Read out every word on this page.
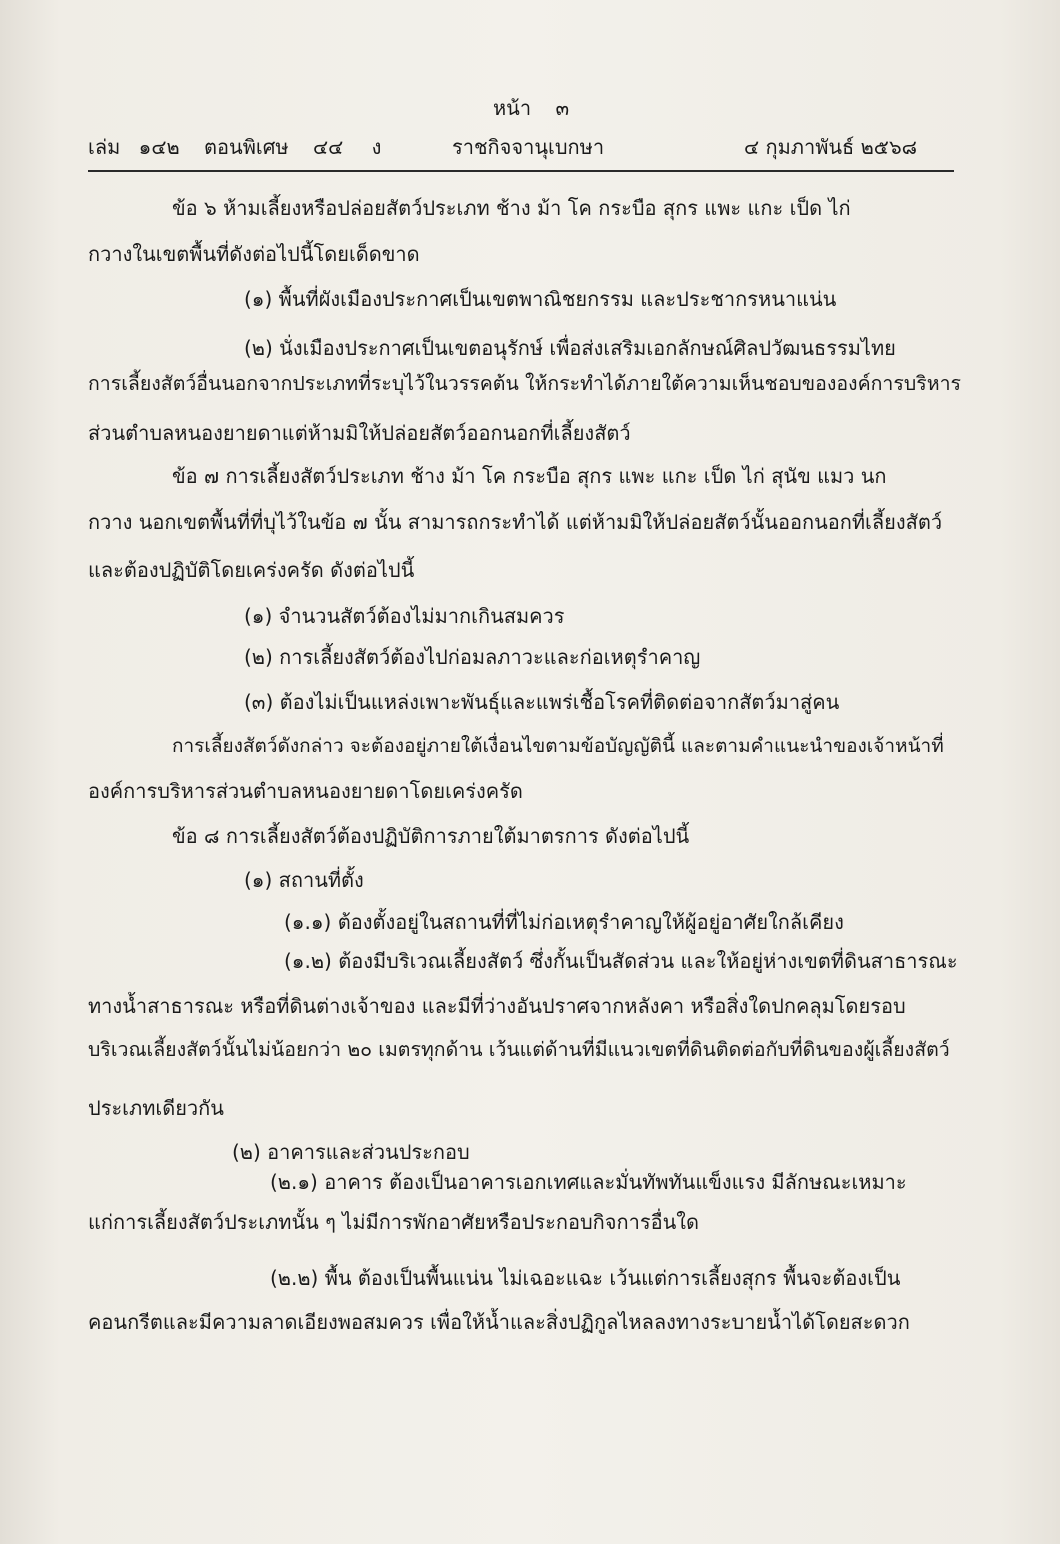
หน้า ๓
เล่ม ๑๔๒ ตอนพิเศษ ๔๔ ง	ราชกิจจานุเบกษา	๔ กุมภาพันธ์ ๒๕๖๘
ข้อ ๖ ห้ามเลี้ยงหรือปล่อยสัตว์ประเภท ช้าง ม้า โค กระบือ สุกร แพะ แกะ เป็ด ไก่
กวางในเขตพื้นที่ดังต่อไปนี้โดยเด็ดขาด
(๑) พื้นที่ผังเมืองประกาศเป็นเขตพาณิชยกรรม และประชากรหนาแน่น
(๒) นั่งเมืองประกาศเป็นเขตอนุรักษ์ เพื่อส่งเสริมเอกลักษณ์ศิลปวัฒนธรรมไทย
การเลี้ยงสัตว์อื่นนอกจากประเภทที่ระบุไว้ในวรรคต้น ให้กระทำได้ภายใต้ความเห็นชอบขององค์การบริหาร
ส่วนตำบลหนองยายดาแต่ห้ามมิให้ปล่อยสัตว์ออกนอกที่เลี้ยงสัตว์
ข้อ ๗ การเลี้ยงสัตว์ประเภท ช้าง ม้า โค กระบือ สุกร แพะ แกะ เป็ด ไก่ สุนัข แมว นก
กวาง นอกเขตพื้นที่ที่บุไว้ในข้อ ๗ นั้น สามารถกระทำได้ แต่ห้ามมิให้ปล่อยสัตว์นั้นออกนอกที่เลี้ยงสัตว์
และต้องปฏิบัติโดยเคร่งครัด ดังต่อไปนี้
(๑) จำนวนสัตว์ต้องไม่มากเกินสมควร
(๒) การเลี้ยงสัตว์ต้องไปก่อมลภาวะและก่อเหตุรำคาญ
(๓) ต้องไม่เป็นแหล่งเพาะพันธุ์และแพร่เชื้อโรคที่ติดต่อจากสัตว์มาสู่คน
การเลี้ยงสัตว์ดังกล่าว จะต้องอยู่ภายใต้เงื่อนไขตามข้อบัญญัตินี้ และตามคำแนะนำของเจ้าหน้าที่
องค์การบริหารส่วนตำบลหนองยายดาโดยเคร่งครัด
ข้อ ๘ การเลี้ยงสัตว์ต้องปฏิบัติการภายใต้มาตรการ ดังต่อไปนี้
(๑) สถานที่ตั้ง
(๑.๑) ต้องตั้งอยู่ในสถานที่ที่ไม่ก่อเหตุรำคาญให้ผู้อยู่อาศัยใกล้เคียง
(๑.๒) ต้องมีบริเวณเลี้ยงสัตว์ ซึ่งกั้นเป็นสัดส่วน และให้อยู่ห่างเขตที่ดินสาธารณะ
ทางน้ำสาธารณะ หรือที่ดินต่างเจ้าของ และมีที่ว่างอันปราศจากหลังคา หรือสิ่งใดปกคลุมโดยรอบ
บริเวณเลี้ยงสัตว์นั้นไม่น้อยกว่า ๒๐ เมตรทุกด้าน เว้นแต่ด้านที่มีแนวเขตที่ดินติดต่อกับที่ดินของผู้เลี้ยงสัตว์
ประเภทเดียวกัน
(๒) อาคารและส่วนประกอบ
(๒.๑) อาคาร ต้องเป็นอาคารเอกเทศและมั่นทัพทันแข็งแรง มีลักษณะเหมาะ
แก่การเลี้ยงสัตว์ประเภทนั้น ๆ ไม่มีการพักอาศัยหรือประกอบกิจการอื่นใด
(๒.๒) พื้น ต้องเป็นพื้นแน่น ไม่เฉอะแฉะ เว้นแต่การเลี้ยงสุกร พื้นจะต้องเป็น
คอนกรีตและมีความลาดเอียงพอสมควร เพื่อให้น้ำและสิ่งปฏิกูลไหลลงทางระบายน้ำได้โดยสะดวก
